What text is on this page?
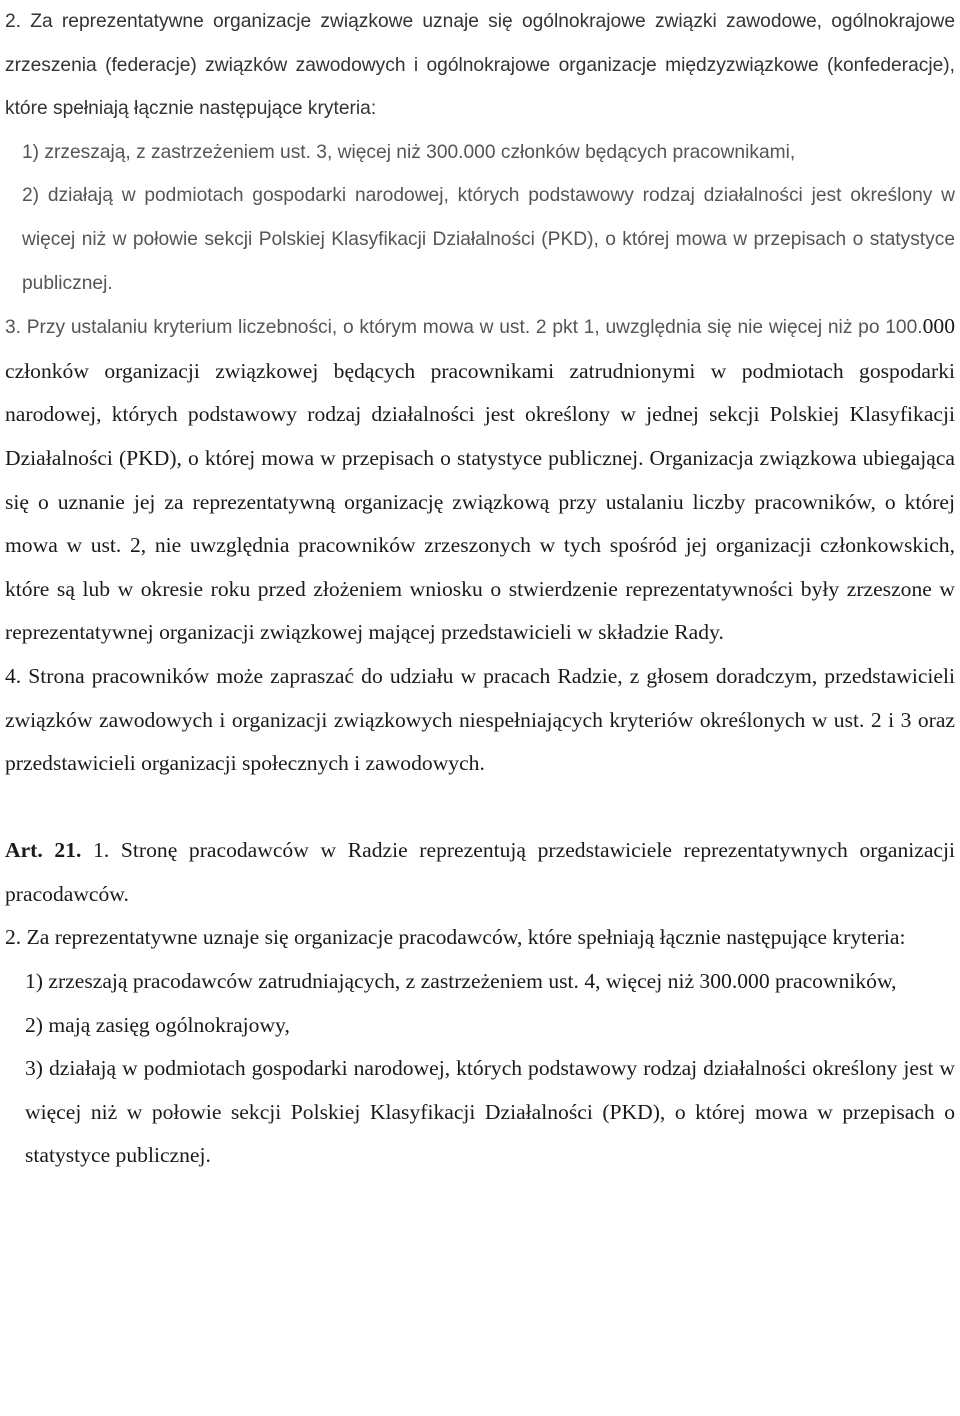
2. Za reprezentatywne organizacje związkowe uznaje się ogólnokrajowe związki zawodowe, ogólnokrajowe zrzeszenia (federacje) związków zawodowych i ogólnokrajowe organizacje międzyzwiązkowe (konfederacje), które spełniają łącznie następujące kryteria:

1) zrzeszają, z zastrzeżeniem ust. 3, więcej niż 300.000 członków będących pracownikami,

2) działają w podmiotach gospodarki narodowej, których podstawowy rodzaj działalności jest określony w więcej niż w połowie sekcji Polskiej Klasyfikacji Działalności (PKD), o której mowa w przepisach o statystyce publicznej.

3. Przy ustalaniu kryterium liczebności, o którym mowa w ust. 2 pkt 1, uwzględnia się nie więcej niż po 100.000 członków organizacji związkowej będących pracownikami zatrudnionymi w podmiotach gospodarki narodowej, których podstawowy rodzaj działalności jest określony w jednej sekcji Polskiej Klasyfikacji Działalności (PKD), o której mowa w przepisach o statystyce publicznej. Organizacja związkowa ubiegająca się o uznanie jej za reprezentatywną organizację związkową przy ustalaniu liczby pracowników, o której mowa w ust. 2, nie uwzględnia pracowników zrzeszonych w tych spośród jej organizacji członkowskich, które są lub w okresie roku przed złożeniem wniosku o stwierdzenie reprezentatywności były zrzeszone w reprezentatywnej organizacji związkowej mającej przedstawicieli w składzie Rady.

4. Strona pracowników może zapraszać do udziału w pracach Radzie, z głosem doradczym, przedstawicieli związków zawodowych i organizacji związkowych niespełniających kryteriów określonych w ust. 2 i 3 oraz przedstawicieli organizacji społecznych i zawodowych.

Art. 21. 1. Stronę pracodawców w Radzie reprezentują przedstawiciele reprezentatywnych organizacji pracodawców.

2. Za reprezentatywne uznaje się organizacje pracodawców, które spełniają łącznie następujące kryteria:

1) zrzeszają pracodawców zatrudniających, z zastrzeżeniem ust. 4, więcej niż 300.000 pracowników,

2) mają zasięg ogólnokrajowy,

3) działają w podmiotach gospodarki narodowej, których podstawowy rodzaj działalności określony jest w więcej niż w połowie sekcji Polskiej Klasyfikacji Działalności (PKD), o której mowa w przepisach o statystyce publicznej.
